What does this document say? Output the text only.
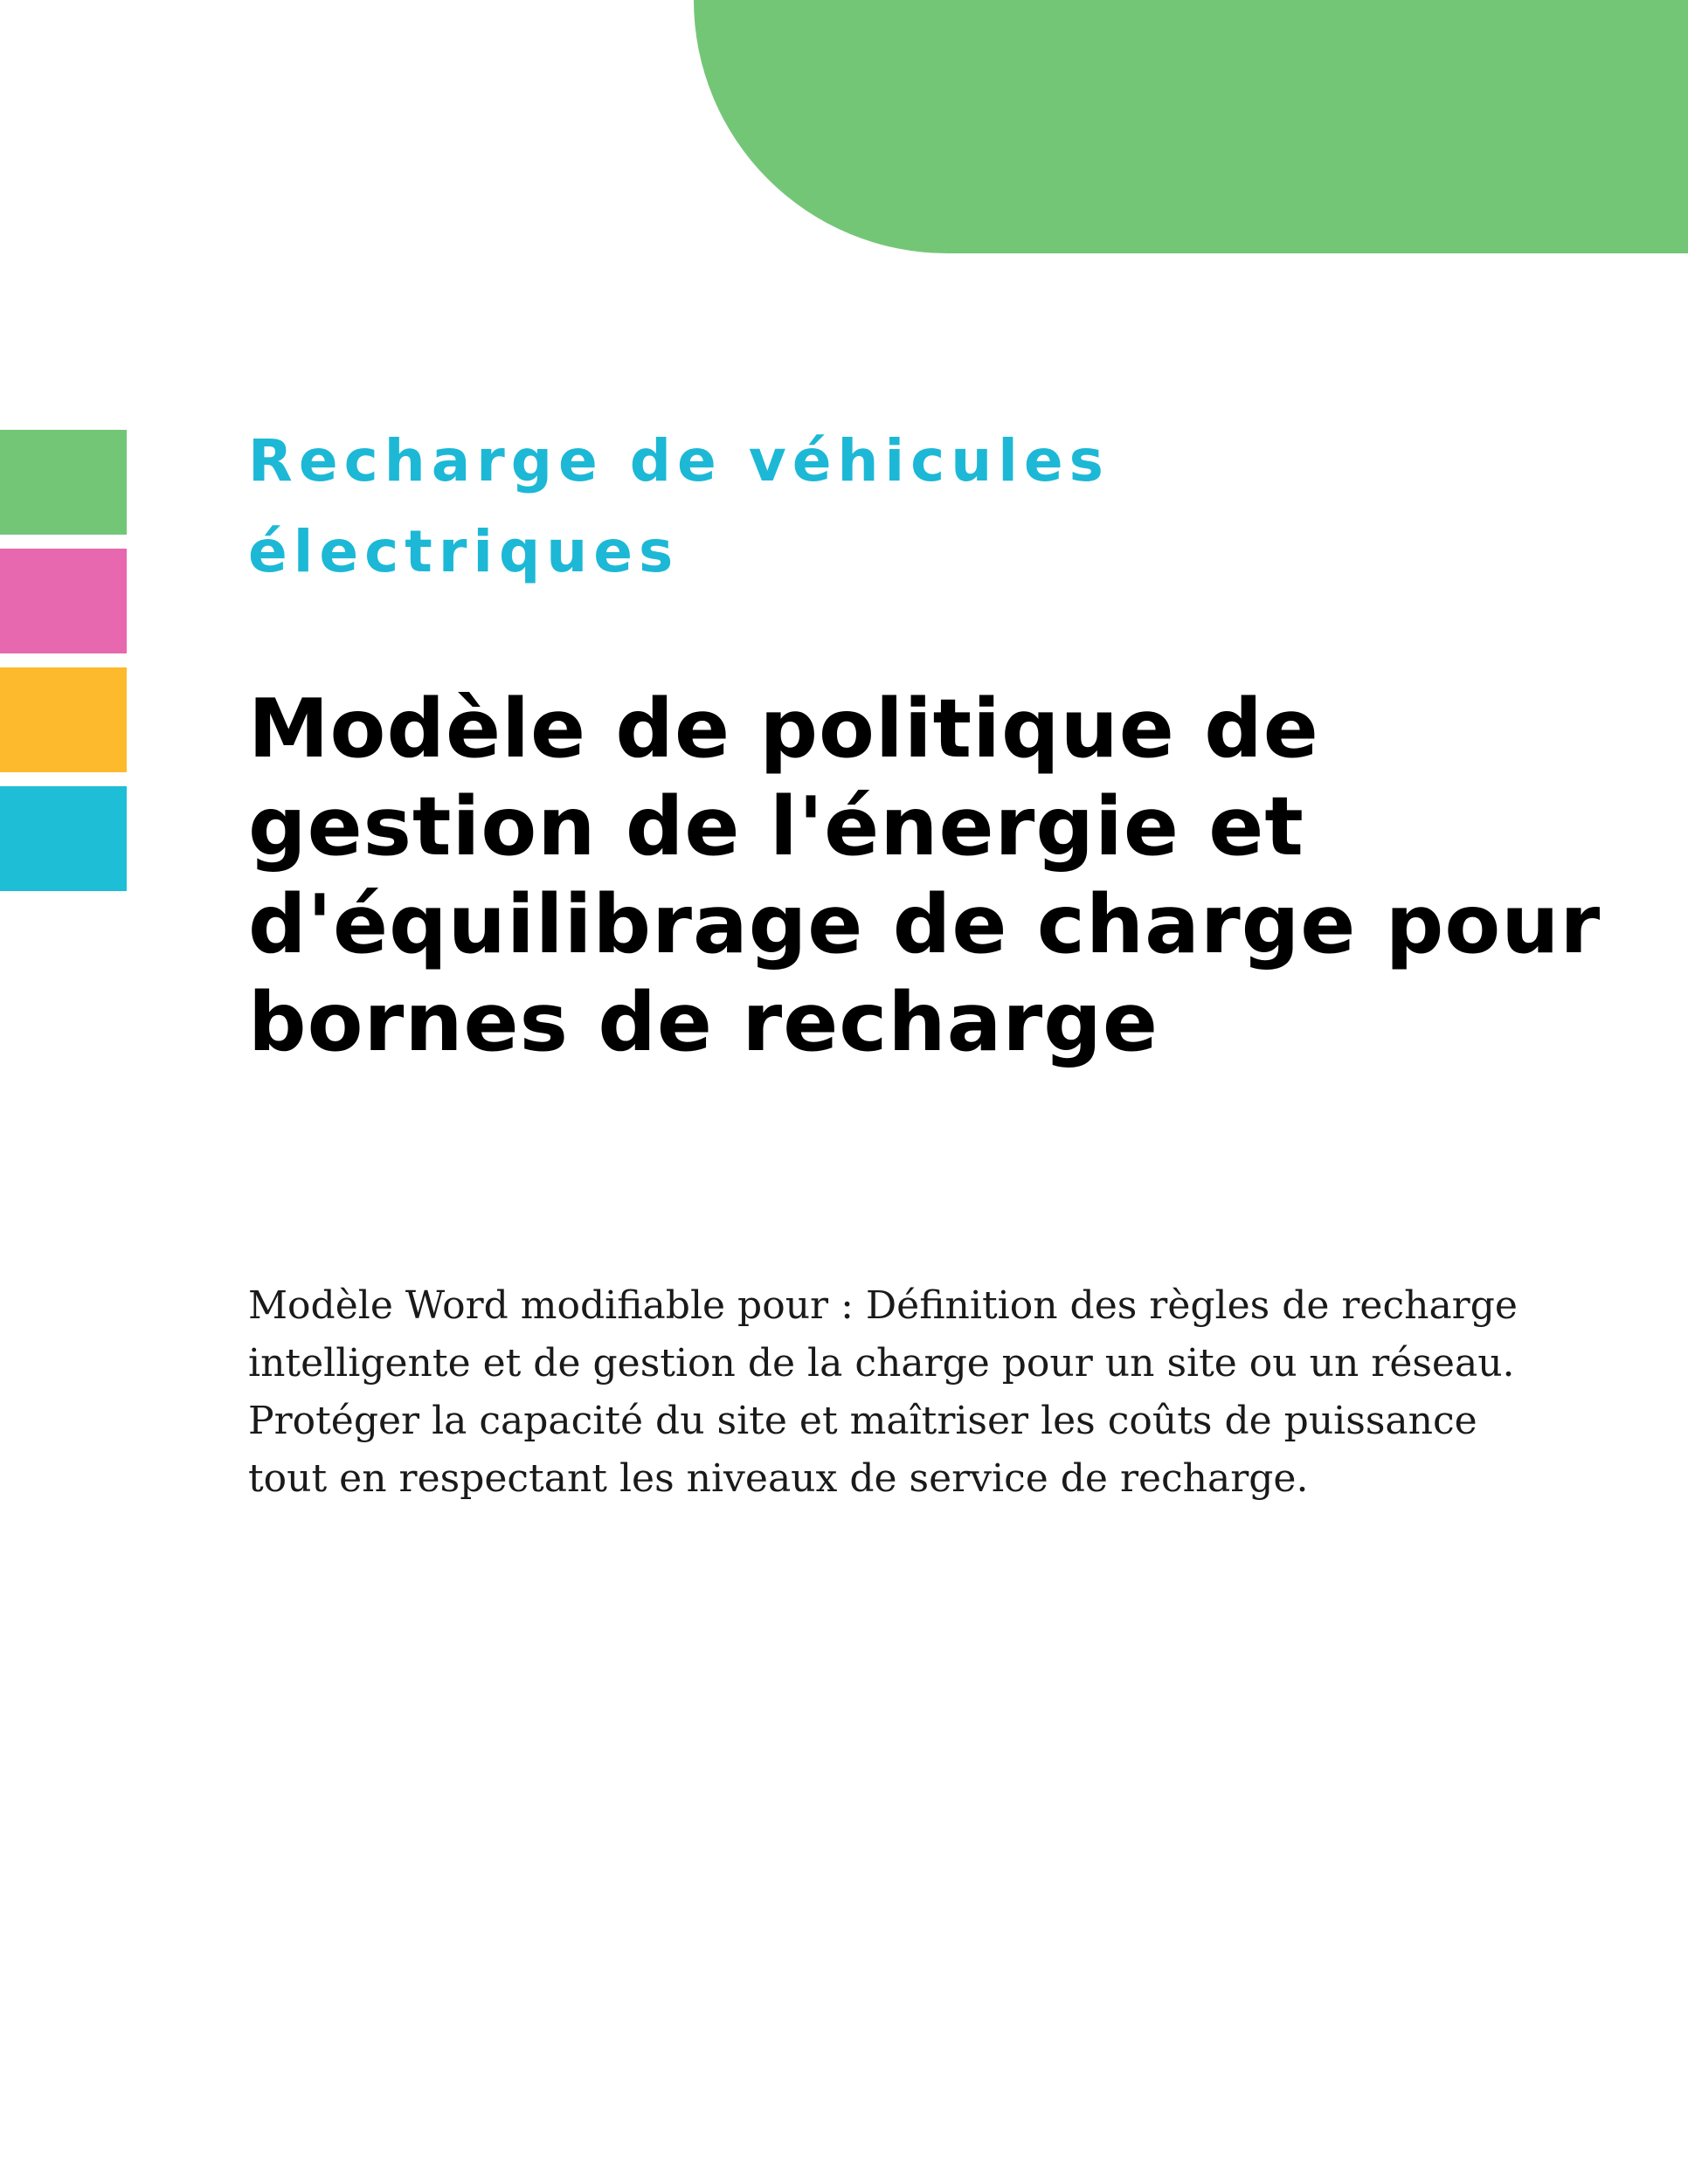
Recharge de véhicules électriques
Modèle de politique de gestion de l'énergie et d'équilibrage de charge pour bornes de recharge

Modèle Word modifiable pour : Définition des règles de recharge intelligente et de gestion de la charge pour un site ou un réseau. Protéger la capacité du site et maîtriser les coûts de puissance tout en respectant les niveaux de service de recharge.
